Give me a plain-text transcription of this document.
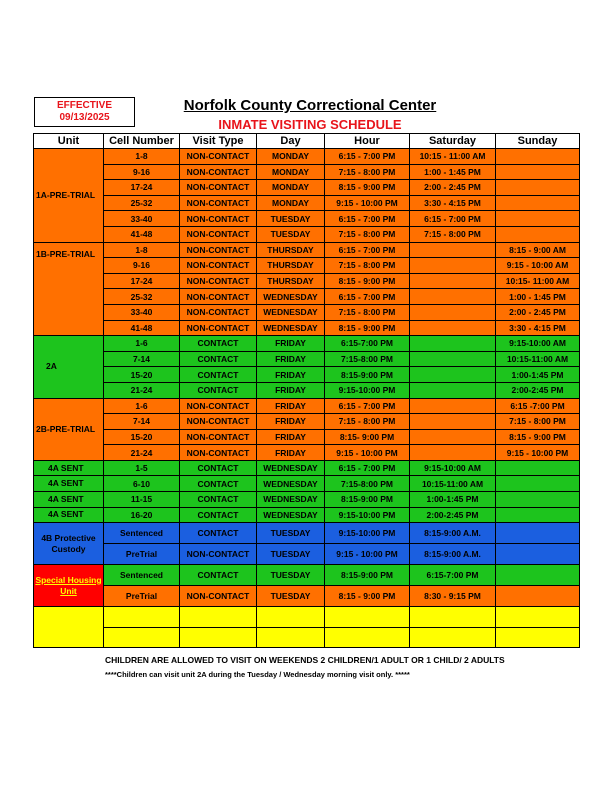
EFFECTIVE
09/13/2025
Norfolk County Correctional Center
INMATE VISITING SCHEDULE
Unit	Cell Number	Visit Type	Day	Hour	Saturday	Sunday
1A-PRE-TRIAL	1-8	NON-CONTACT	MONDAY	6:15 - 7:00 PM	10:15 - 11:00 AM	
	9-16	NON-CONTACT	MONDAY	7:15 - 8:00 PM	1:00 - 1:45 PM	
	17-24	NON-CONTACT	MONDAY	8:15 - 9:00 PM	2:00 - 2:45 PM	
	25-32	NON-CONTACT	MONDAY	9:15 - 10:00 PM	3:30 - 4:15 PM	
	33-40	NON-CONTACT	TUESDAY	6:15 - 7:00 PM	6:15 - 7:00 PM	
	41-48	NON-CONTACT	TUESDAY	7:15 - 8:00 PM	7:15 - 8:00 PM	
1B-PRE-TRIAL	1-8	NON-CONTACT	THURSDAY	6:15 - 7:00 PM		8:15 - 9:00 AM
	9-16	NON-CONTACT	THURSDAY	7:15 - 8:00 PM		9:15 - 10:00 AM
	17-24	NON-CONTACT	THURSDAY	8:15 - 9:00 PM		10:15- 11:00 AM
	25-32	NON-CONTACT	WEDNESDAY	6:15 - 7:00 PM		1:00 - 1:45 PM
	33-40	NON-CONTACT	WEDNESDAY	7:15 - 8:00 PM		2:00 - 2:45 PM
	41-48	NON-CONTACT	WEDNESDAY	8:15 - 9:00 PM		3:30 - 4:15 PM
2A	1-6	CONTACT	FRIDAY	6:15-7:00 PM		9:15-10:00 AM
	7-14	CONTACT	FRIDAY	7:15-8:00 PM		10:15-11:00 AM
	15-20	CONTACT	FRIDAY	8:15-9:00 PM		1:00-1:45 PM
	21-24	CONTACT	FRIDAY	9:15-10:00 PM		2:00-2:45 PM
2B-PRE-TRIAL	1-6	NON-CONTACT	FRIDAY	6:15 - 7:00 PM		6:15 -7:00 PM
	7-14	NON-CONTACT	FRIDAY	7:15 - 8:00 PM		7:15 - 8:00 PM
	15-20	NON-CONTACT	FRIDAY	8:15- 9:00 PM		8:15 - 9:00 PM
	21-24	NON-CONTACT	FRIDAY	9:15 - 10:00 PM		9:15 - 10:00 PM
4A SENT	1-5	CONTACT	WEDNESDAY	6:15 - 7:00 PM	9:15-10:00 AM	
4A SENT	6-10	CONTACT	WEDNESDAY	7:15-8:00 PM	10:15-11:00 AM	
4A SENT	11-15	CONTACT	WEDNESDAY	8:15-9:00 PM	1:00-1:45 PM	
4A SENT	16-20	CONTACT	WEDNESDAY	9:15-10:00 PM	2:00-2:45 PM	
4B Protective Custody	Sentenced	CONTACT	TUESDAY	9:15-10:00 PM	8:15-9:00 A.M.	
	PreTrial	NON-CONTACT	TUESDAY	9:15 - 10:00 PM	8:15-9:00 A.M.	

Special Housing Unit	Sentenced	CONTACT	TUESDAY	8:15-9:00 PM	6:15-7:00 PM	
	PreTrial	NON-CONTACT	TUESDAY	8:15 - 9:00 PM	8:30 - 9:15 PM	

CHILDREN ARE ALLOWED TO VISIT ON WEEKENDS 2 CHILDREN/1 ADULT OR 1 CHILD/ 2 ADULTS
****Children can visit unit 2A during the Tuesday / Wednesday morning visit only. *****
